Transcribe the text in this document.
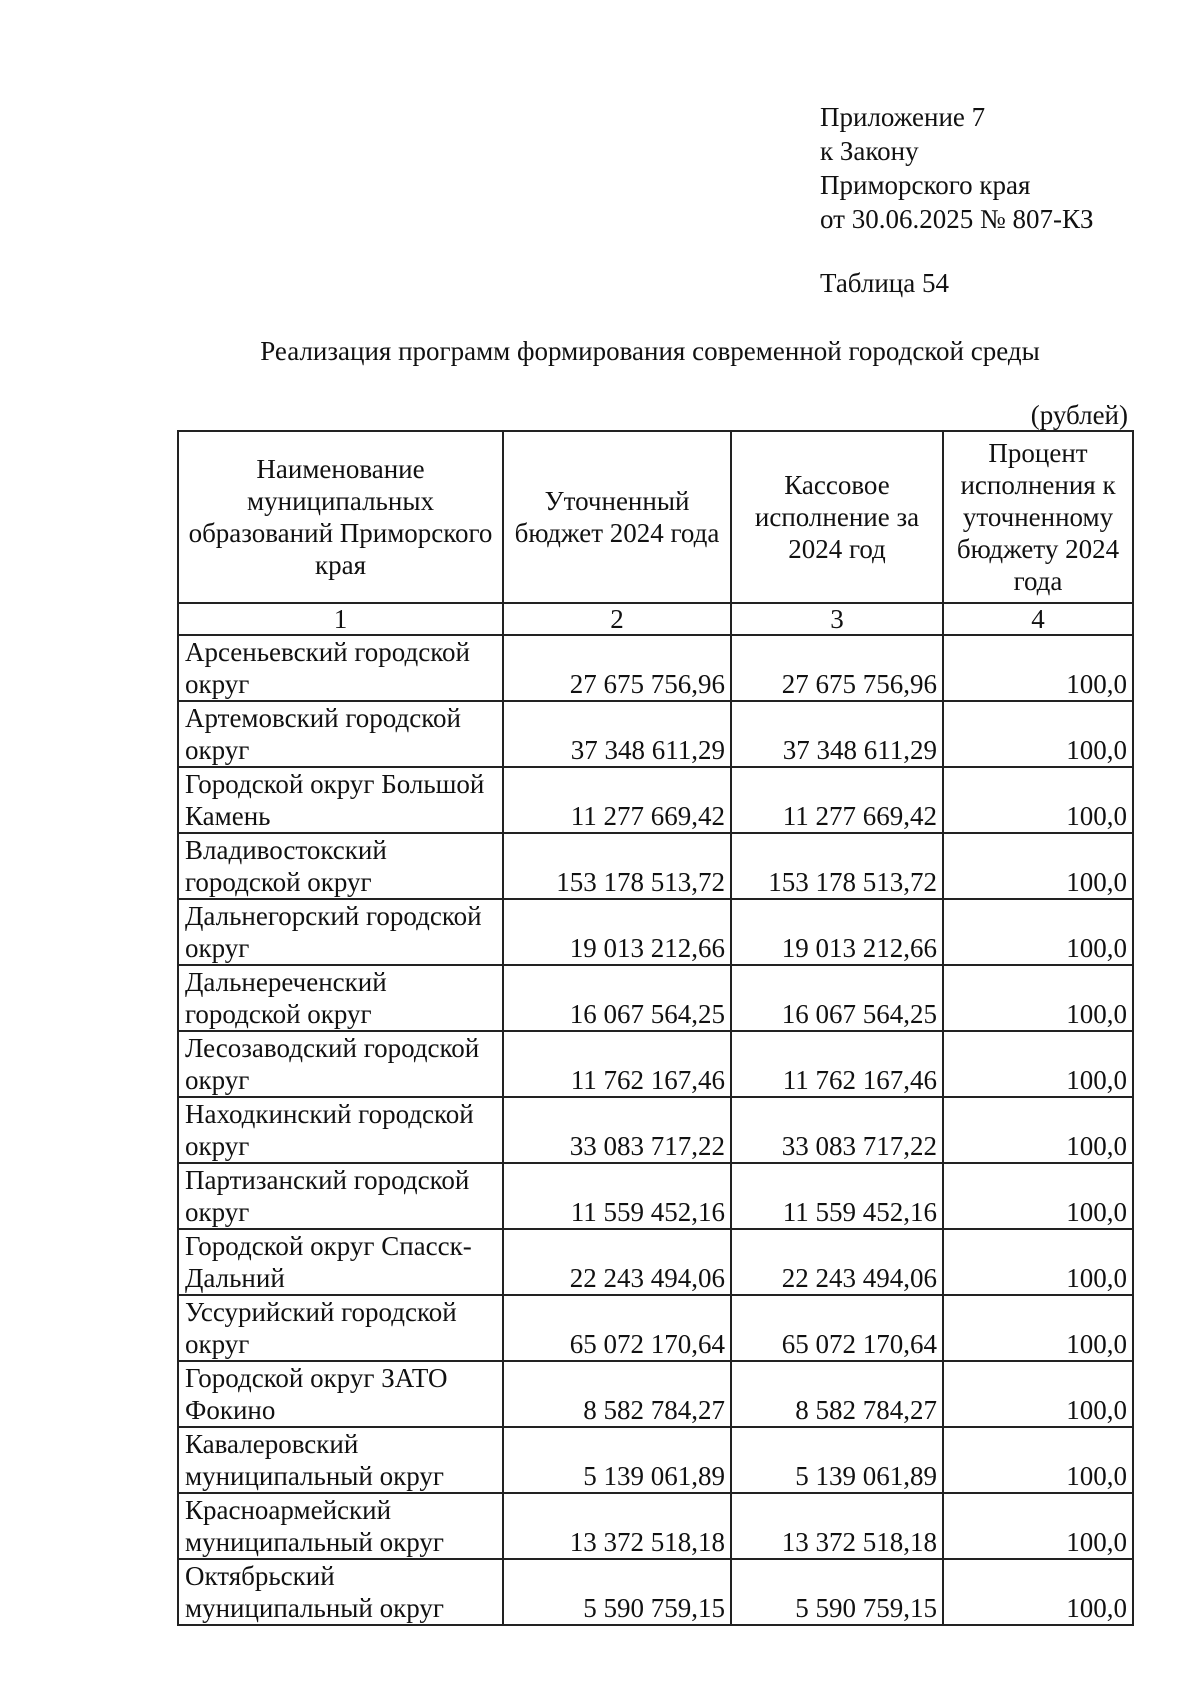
Приложение 7
к Закону
Приморского края
от 30.06.2025 № 807-КЗ
Таблица 54
Реализация программ формирования современной городской среды
(рублей)
Наименование муниципальных образований Приморского края	Уточненный бюджет 2024 года	Кассовое исполнение за 2024 год	Процент исполнения к уточненному бюджету 2024 года
1	2	3	4
Арсеньевский городской округ	27 675 756,96	27 675 756,96	100,0
Артемовский городской округ	37 348 611,29	37 348 611,29	100,0
Городской округ Большой Камень	11 277 669,42	11 277 669,42	100,0
Владивостокский городской округ	153 178 513,72	153 178 513,72	100,0
Дальнегорский городской округ	19 013 212,66	19 013 212,66	100,0
Дальнереченский городской округ	16 067 564,25	16 067 564,25	100,0
Лесозаводский городской округ	11 762 167,46	11 762 167,46	100,0
Находкинский городской округ	33 083 717,22	33 083 717,22	100,0
Партизанский городской округ	11 559 452,16	11 559 452,16	100,0
Городской округ Спасск-Дальний	22 243 494,06	22 243 494,06	100,0
Уссурийский городской округ	65 072 170,64	65 072 170,64	100,0
Городской округ ЗАТО Фокино	8 582 784,27	8 582 784,27	100,0
Кавалеровский муниципальный округ	5 139 061,89	5 139 061,89	100,0
Красноармейский муниципальный округ	13 372 518,18	13 372 518,18	100,0
Октябрьский муниципальный округ	5 590 759,15	5 590 759,15	100,0
